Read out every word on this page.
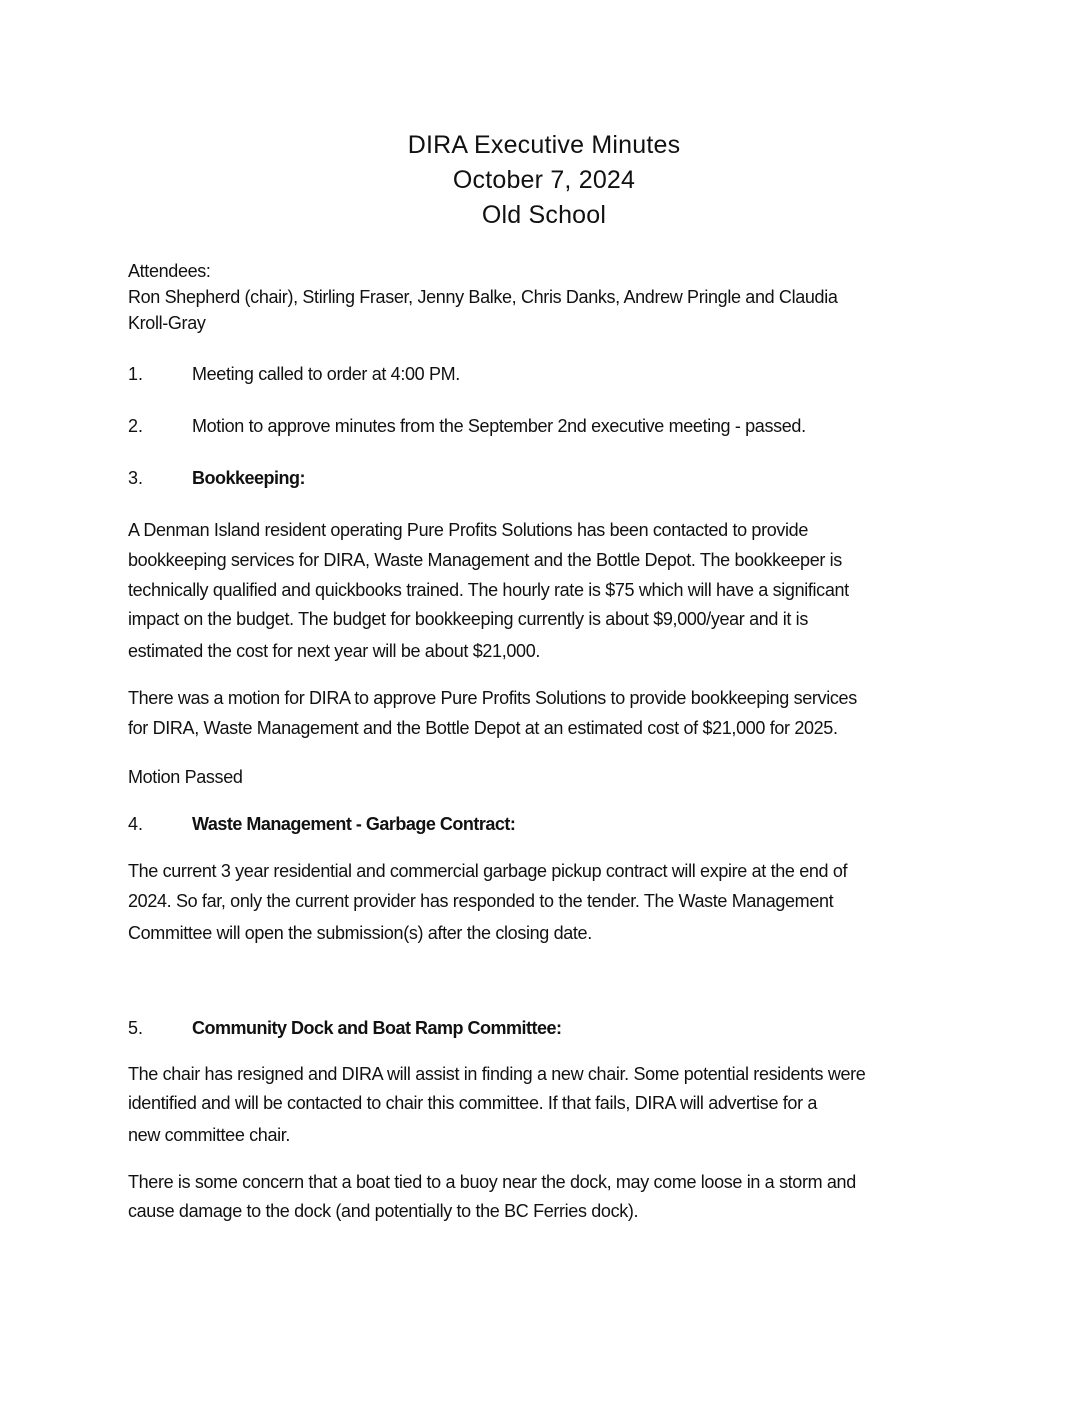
DIRA Executive Minutes
October 7, 2024
Old School
Attendees:
Ron Shepherd (chair), Stirling Fraser, Jenny Balke, Chris Danks, Andrew Pringle and Claudia
Kroll-Gray
1.	Meeting called to order at 4:00 PM.
2.	Motion to approve minutes from the September 2nd executive meeting - passed.
3.	Bookkeeping:
A Denman Island resident operating Pure Profits Solutions has been contacted to provide
bookkeeping services for DIRA, Waste Management and the Bottle Depot. The bookkeeper is
technically qualified and quickbooks trained. The hourly rate is $75 which will have a significant
impact on the budget. The budget for bookkeeping currently is about $9,000/year and it is
estimated the cost for next year will be about $21,000.
There was a motion for DIRA to approve Pure Profits Solutions to provide bookkeeping services
for DIRA, Waste Management and the Bottle Depot at an estimated cost of $21,000 for 2025.
Motion Passed
4.	Waste Management - Garbage Contract:
The current 3 year residential and commercial garbage pickup contract will expire at the end of
2024. So far, only the current provider has responded to the tender. The Waste Management
Committee will open the submission(s) after the closing date.
5.	Community Dock and Boat Ramp Committee:
The chair has resigned and DIRA will assist in finding a new chair. Some potential residents were
identified and will be contacted to chair this committee. If that fails, DIRA will advertise for a
new committee chair.
There is some concern that a boat tied to a buoy near the dock, may come loose in a storm and
cause damage to the dock (and potentially to the BC Ferries dock).
